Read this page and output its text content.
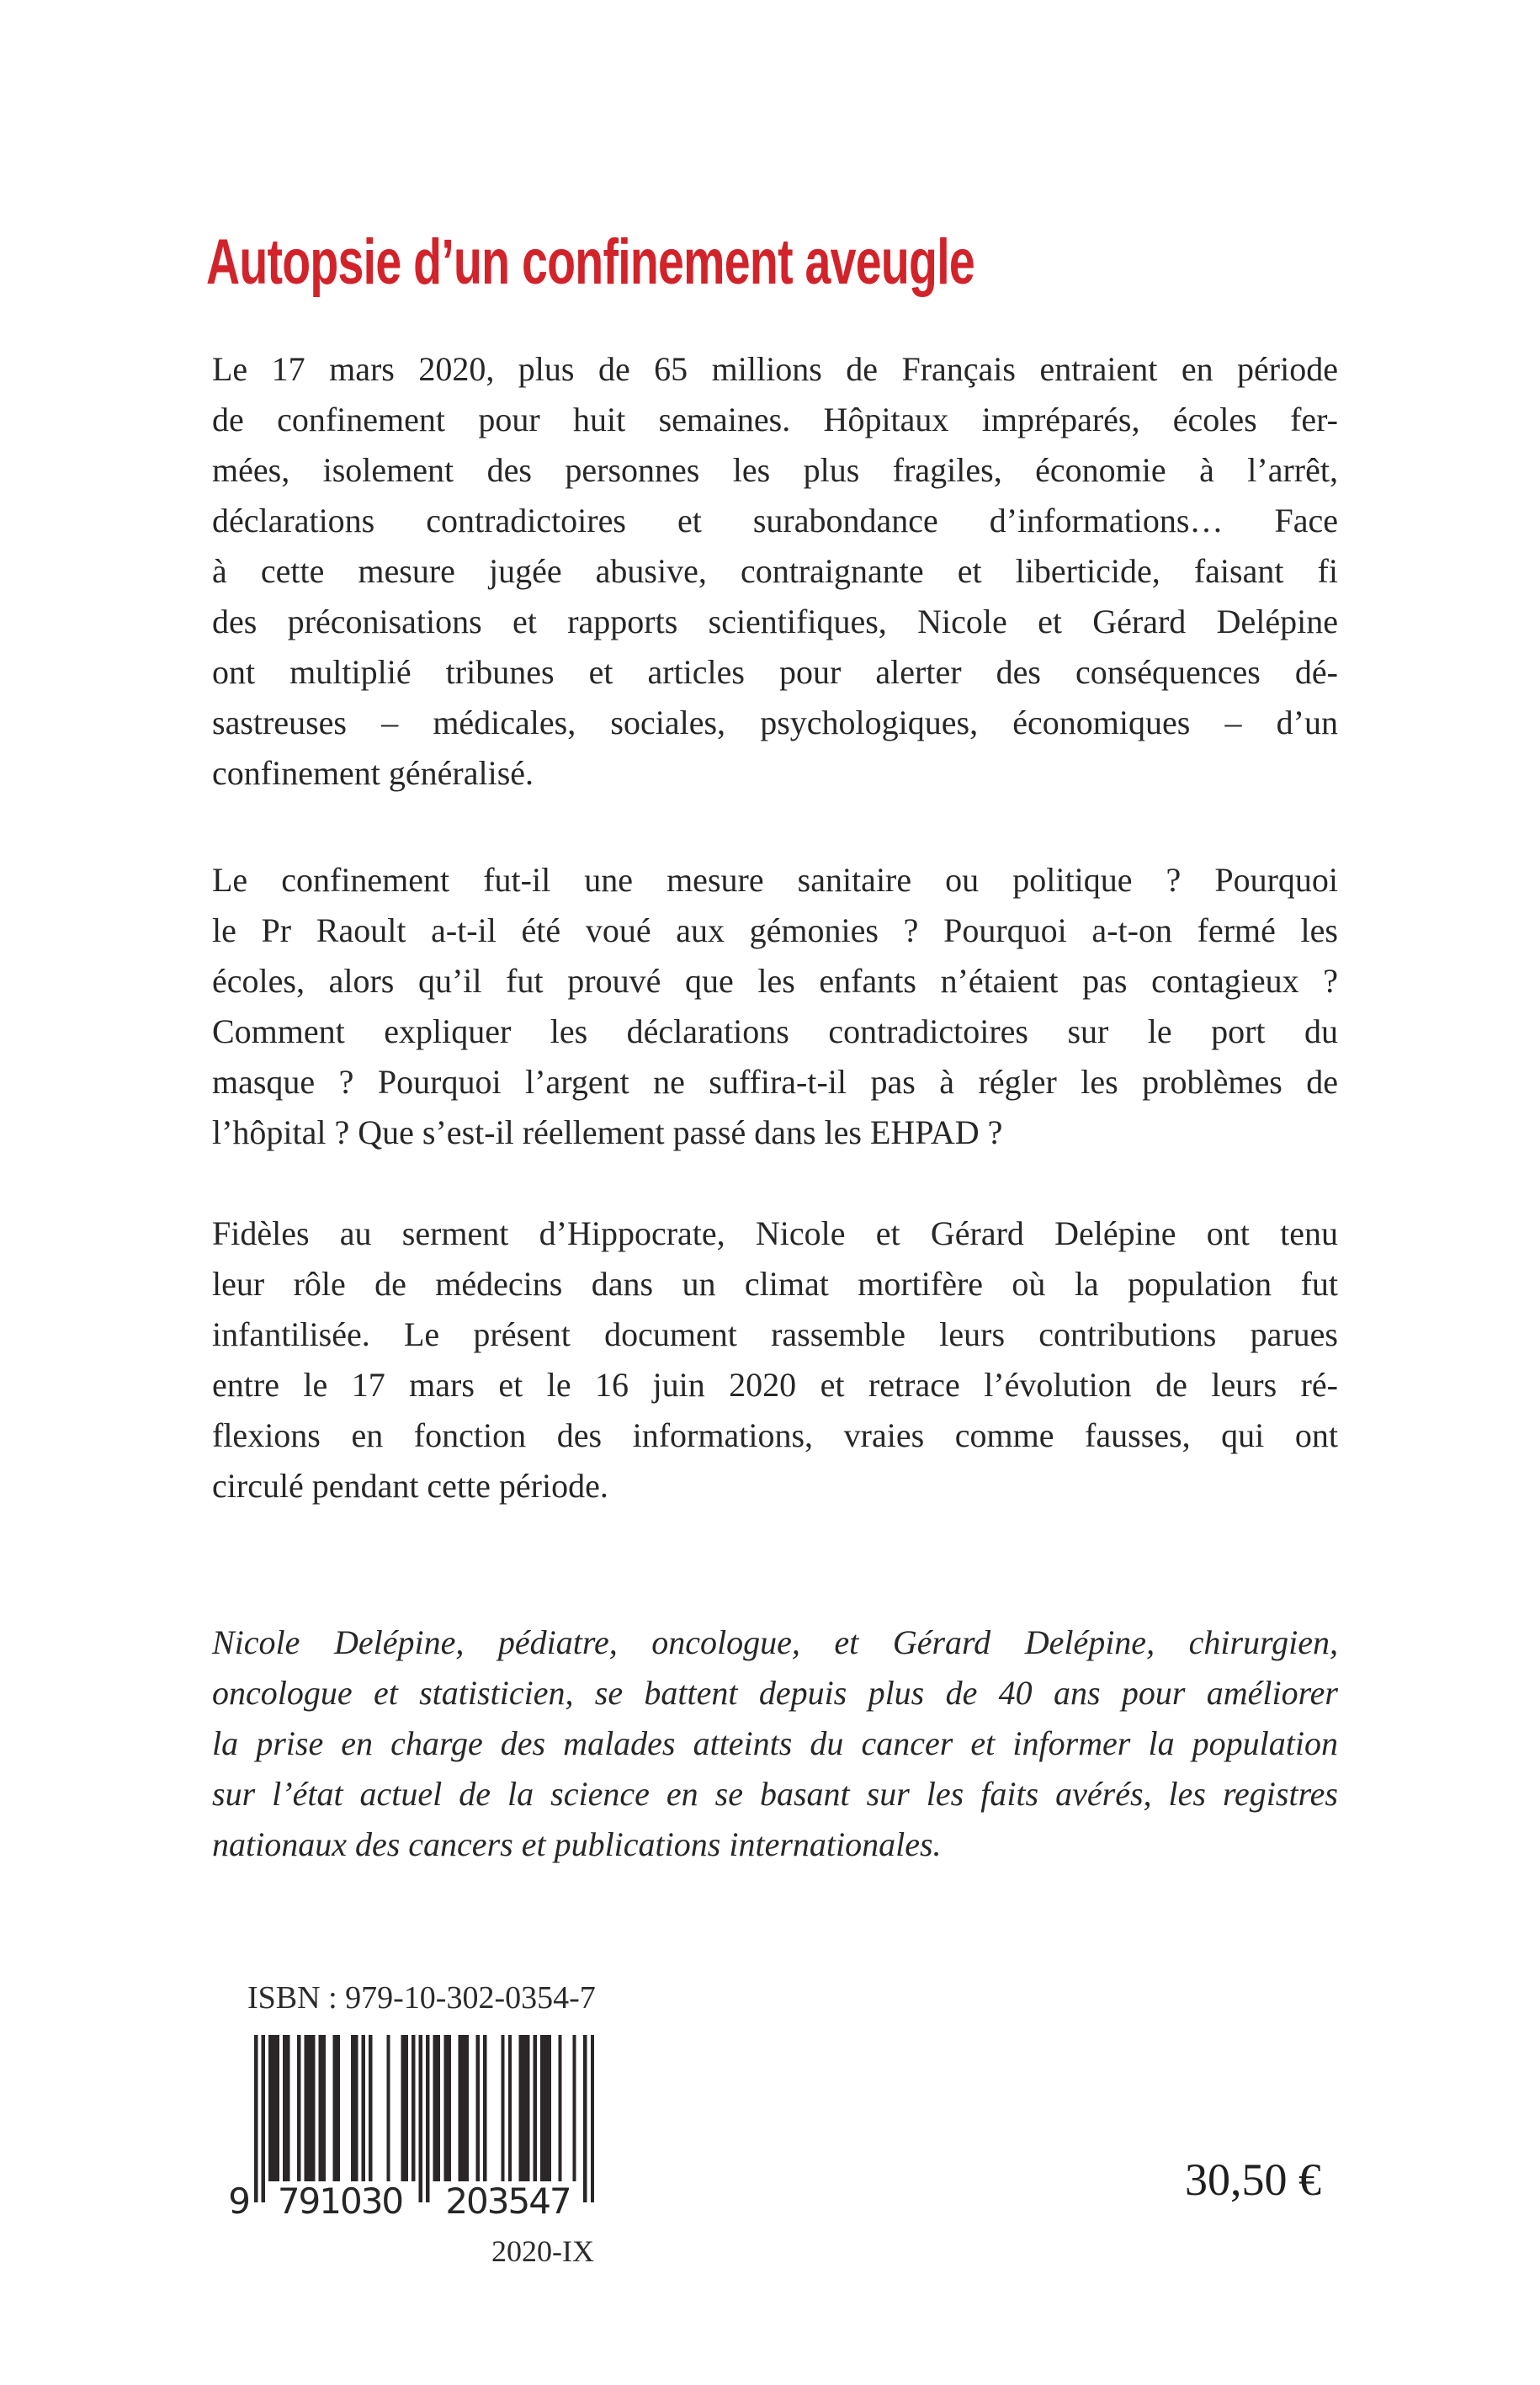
Autopsie d’un confinement aveugle
Le 17 mars 2020, plus de 65 millions de Français entraient en période
de confinement pour huit semaines. Hôpitaux impréparés, écoles fer-
mées, isolement des personnes les plus fragiles, économie à l’arrêt,
déclarations contradictoires et surabondance d’informations… Face
à cette mesure jugée abusive, contraignante et liberticide, faisant fi
des préconisations et rapports scientifiques, Nicole et Gérard Delépine
ont multiplié tribunes et articles pour alerter des conséquences dé-
sastreuses – médicales, sociales, psychologiques, économiques – d’un
confinement généralisé.
Le confinement fut-il une mesure sanitaire ou politique ? Pourquoi
le Pr Raoult a-t-il été voué aux gémonies ? Pourquoi a-t-on fermé les
écoles, alors qu’il fut prouvé que les enfants n’étaient pas contagieux ?
Comment expliquer les déclarations contradictoires sur le port du
masque ? Pourquoi l’argent ne suffira-t-il pas à régler les problèmes de
l’hôpital ? Que s’est-il réellement passé dans les EHPAD ?
Fidèles au serment d’Hippocrate, Nicole et Gérard Delépine ont tenu
leur rôle de médecins dans un climat mortifère où la population fut
infantilisée. Le présent document rassemble leurs contributions parues
entre le 17 mars et le 16 juin 2020 et retrace l’évolution de leurs ré-
flexions en fonction des informations, vraies comme fausses, qui ont
circulé pendant cette période.
Nicole Delépine, pédiatre, oncologue, et Gérard Delépine, chirurgien,
oncologue et statisticien, se battent depuis plus de 40 ans pour améliorer
la prise en charge des malades atteints du cancer et informer la population
sur l’état actuel de la science en se basant sur les faits avérés, les registres
nationaux des cancers et publications internationales.
ISBN : 979-10-302-0354-7
9 791030	203547
2020-IX
30,50 €
